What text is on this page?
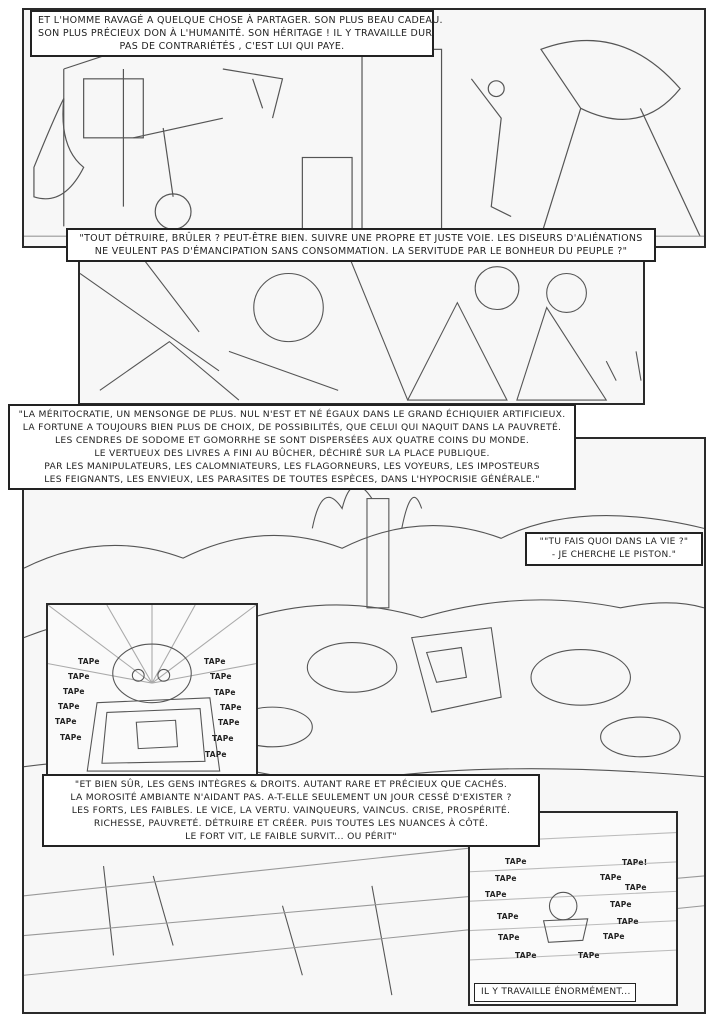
ET L'HOMME RAVAGÉ A QUELQUE CHOSE À PARTAGER. SON PLUS BEAU CADEAU.
SON PLUS PRÉCIEUX DON À L'HUMANITÉ. SON HÉRITAGE ! IL Y TRAVAILLE DUR.
PAS DE CONTRARIÉTÉS , C'EST LUI QUI PAYE.
"TOUT DÉTRUIRE, BRÛLER ? PEUT-ÊTRE BIEN. SUIVRE UNE PROPRE ET JUSTE VOIE. LES DISEURS D'ALIÉNATIONS
NE VEULENT PAS D'ÉMANCIPATION SANS CONSOMMATION. LA SERVITUDE PAR LE BONHEUR DU PEUPLE ?"
"LA MÉRITOCRATIE, UN MENSONGE DE PLUS. NUL N'EST ET NÉ ÉGAUX DANS LE GRAND ÉCHIQUIER ARTIFICIEUX.
LA FORTUNE A TOUJOURS BIEN PLUS DE CHOIX, DE POSSIBILITÉS, QUE CELUI QUI NAQUIT DANS LA PAUVRETÉ.
LES CENDRES DE SODOME ET GOMORRHE SE SONT DISPERSÉES AUX QUATRE COINS DU MONDE.
LE VERTUEUX DES LIVRES A FINI AU BÛCHER, DÉCHIRÉ SUR LA PLACE PUBLIQUE.
PAR LES MANIPULATEURS, LES CALOMNIATEURS, LES FLAGORNEURS, LES VOYEURS, LES IMPOSTEURS
LES FEIGNANTS, LES ENVIEUX, LES PARASITES DE TOUTES ESPÈCES, DANS L'HYPOCRISIE GÉNÉRALE."
""TU FAIS QUOI DANS LA VIE ?"
- JE CHERCHE LE PISTON."
TAPe
TAPe
TAPe
TAPe
TAPe
TAPe
TAPe
TAPe
TAPe
TAPe
TAPe
TAPe
TAPe
"ET BIEN SÛR, LES GENS INTÈGRES & DROITS. AUTANT RARE ET PRÉCIEUX QUE CACHÉS.
LA MOROSITÉ AMBIANTE N'AIDANT PAS. A-T-ELLE SEULEMENT UN JOUR CESSÉ D'EXISTER ?
LES FORTS, LES FAIBLES. LE VICE, LA VERTU. VAINQUEURS, VAINCUS. CRISE, PROSPÉRITÉ.
RICHESSE, PAUVRETÉ. DÉTRUIRE ET CRÉER. PUIS TOUTES LES NUANCES À CÔTÉ.
LE FORT VIT, LE FAIBLE SURVIT... OU PÉRIT"
TAPe	TAPe!
TAPe	TAPe
TAPe
TAPe
TAPe
TAPe
TAPe
TAPe	TAPe
TAPe	TAPe
IL Y TRAVAILLE ÉNORMÉMENT...
